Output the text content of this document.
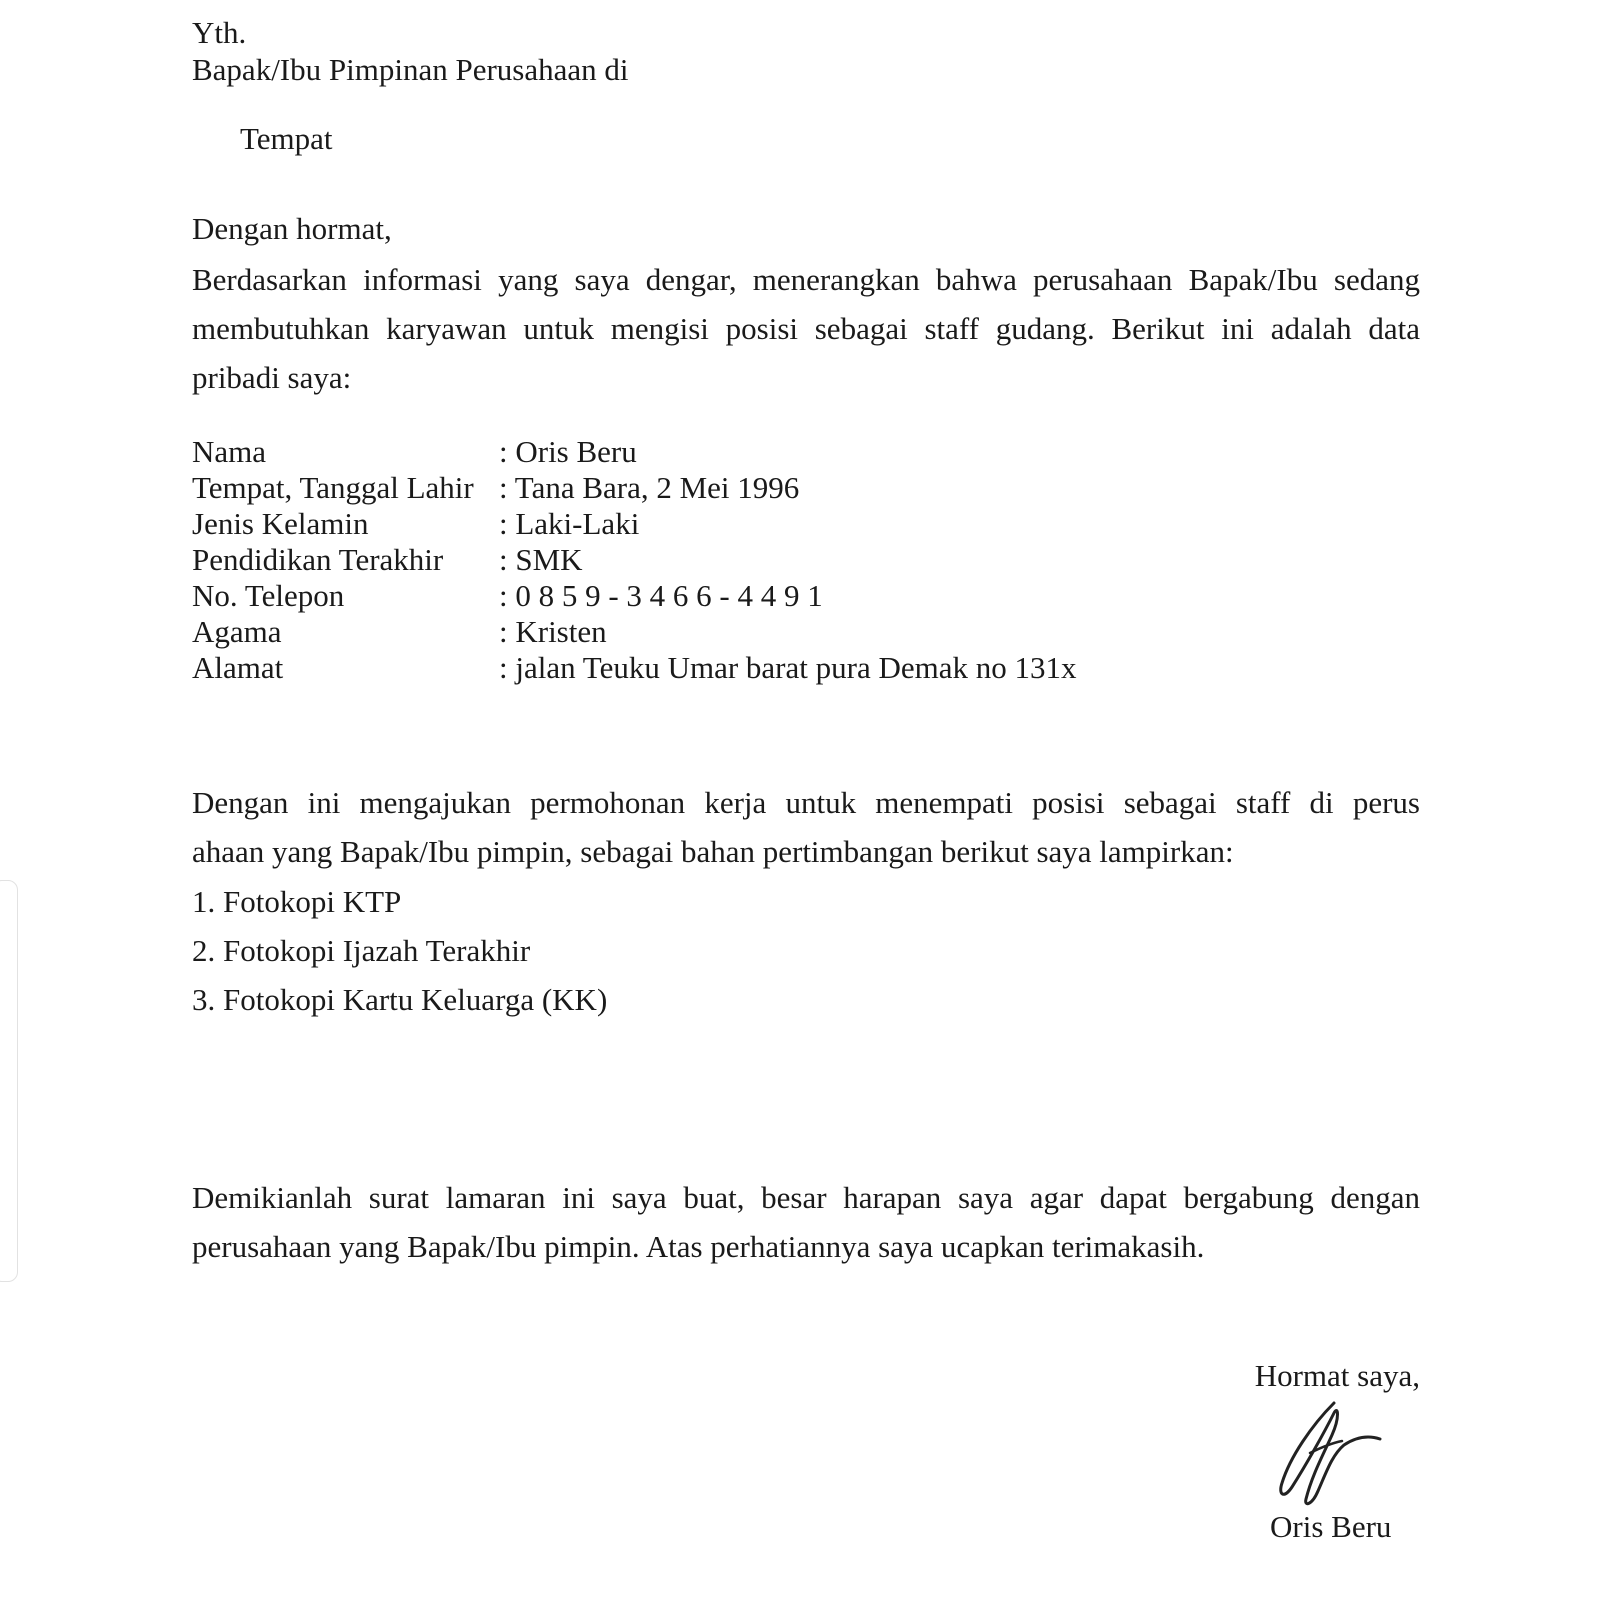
Yth.
Bapak/Ibu Pimpinan Perusahaan di
Tempat
Dengan hormat,
Berdasarkan informasi yang saya dengar, menerangkan bahwa perusahaan Bapak/Ibu sedang
membutuhkan karyawan untuk mengisi posisi sebagai staff gudang. Berikut ini adalah data
pribadi saya:
Nama	: Oris Beru
Tempat, Tanggal Lahir : Tana Bara, 2 Mei 1996
Jenis Kelamin	: Laki-Laki
Pendidikan Terakhir : SMK
No. Telepon	: 0 8 5 9 - 3 4 6 6 - 4 4 9 1
Agama	: Kristen
Alamat	: jalan Teuku Umar barat pura Demak no 131x
Dengan ini mengajukan permohonan kerja untuk menempati posisi sebagai staff di perus
ahaan yang Bapak/Ibu pimpin, sebagai bahan pertimbangan berikut saya lampirkan:
1. Fotokopi KTP
2. Fotokopi Ijazah Terakhir
3. Fotokopi Kartu Keluarga (KK)
Demikianlah surat lamaran ini saya buat, besar harapan saya agar dapat bergabung dengan
perusahaan yang Bapak/Ibu pimpin. Atas perhatiannya saya ucapkan terimakasih.
Hormat saya,
Oris Beru
